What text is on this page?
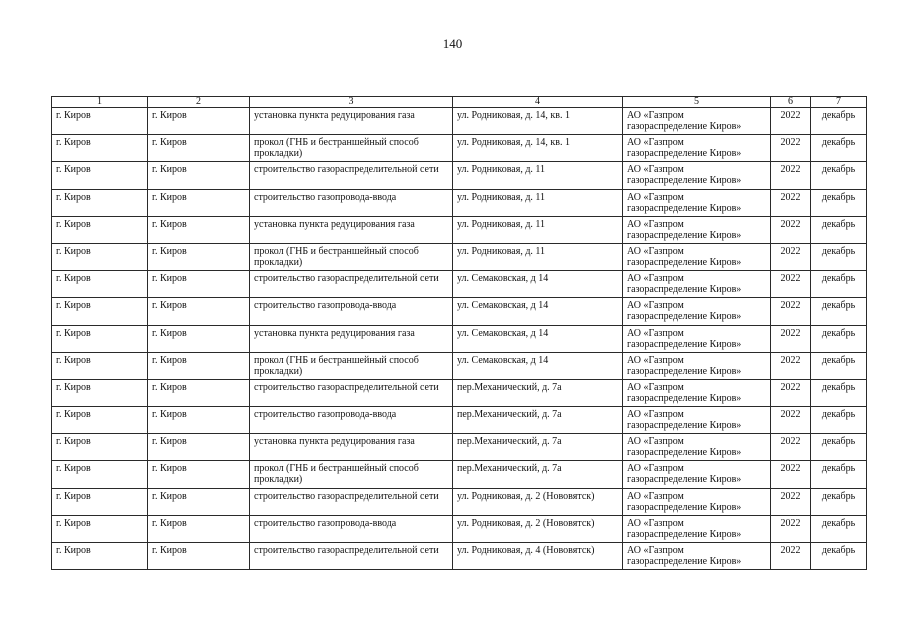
140
1	2	3	4	5	6	7
г. Киров	г. Киров	установка пункта редуцирования газа	ул. Родниковая, д. 14, кв. 1	АО «Газпром газораспределение Киров»	2022	декабрь
г. Киров	г. Киров	прокол (ГНБ и бестраншейный способ прокладки)	ул. Родниковая, д. 14, кв. 1	АО «Газпром газораспределение Киров»	2022	декабрь
г. Киров	г. Киров	строительство газораспределительной сети	ул. Родниковая, д. 11	АО «Газпром газораспределение Киров»	2022	декабрь
г. Киров	г. Киров	строительство газопровода-ввода	ул. Родниковая, д. 11	АО «Газпром газораспределение Киров»	2022	декабрь
г. Киров	г. Киров	установка пункта редуцирования газа	ул. Родниковая, д. 11	АО «Газпром газораспределение Киров»	2022	декабрь
г. Киров	г. Киров	прокол (ГНБ и бестраншейный способ прокладки)	ул. Родниковая, д. 11	АО «Газпром газораспределение Киров»	2022	декабрь
г. Киров	г. Киров	строительство газораспределительной сети	ул. Семаковская, д 14	АО «Газпром газораспределение Киров»	2022	декабрь
г. Киров	г. Киров	строительство газопровода-ввода	ул. Семаковская, д 14	АО «Газпром газораспределение Киров»	2022	декабрь
г. Киров	г. Киров	установка пункта редуцирования газа	ул. Семаковская, д 14	АО «Газпром газораспределение Киров»	2022	декабрь
г. Киров	г. Киров	прокол (ГНБ и бестраншейный способ прокладки)	ул. Семаковская, д 14	АО «Газпром газораспределение Киров»	2022	декабрь
г. Киров	г. Киров	строительство газораспределительной сети	пер.Механический, д. 7а	АО «Газпром газораспределение Киров»	2022	декабрь
г. Киров	г. Киров	строительство газопровода-ввода	пер.Механический, д. 7а	АО «Газпром газораспределение Киров»	2022	декабрь
г. Киров	г. Киров	установка пункта редуцирования газа	пер.Механический, д. 7а	АО «Газпром газораспределение Киров»	2022	декабрь
г. Киров	г. Киров	прокол (ГНБ и бестраншейный способ прокладки)	пер.Механический, д. 7а	АО «Газпром газораспределение Киров»	2022	декабрь
г. Киров	г. Киров	строительство газораспределительной сети	ул. Родниковая, д. 2 (Нововятск)	АО «Газпром газораспределение Киров»	2022	декабрь
г. Киров	г. Киров	строительство газопровода-ввода	ул. Родниковая, д. 2 (Нововятск)	АО «Газпром газораспределение Киров»	2022	декабрь
г. Киров	г. Киров	строительство газораспределительной сети	ул. Родниковая, д. 4 (Нововятск)	АО «Газпром газораспределение Киров»	2022	декабрь
